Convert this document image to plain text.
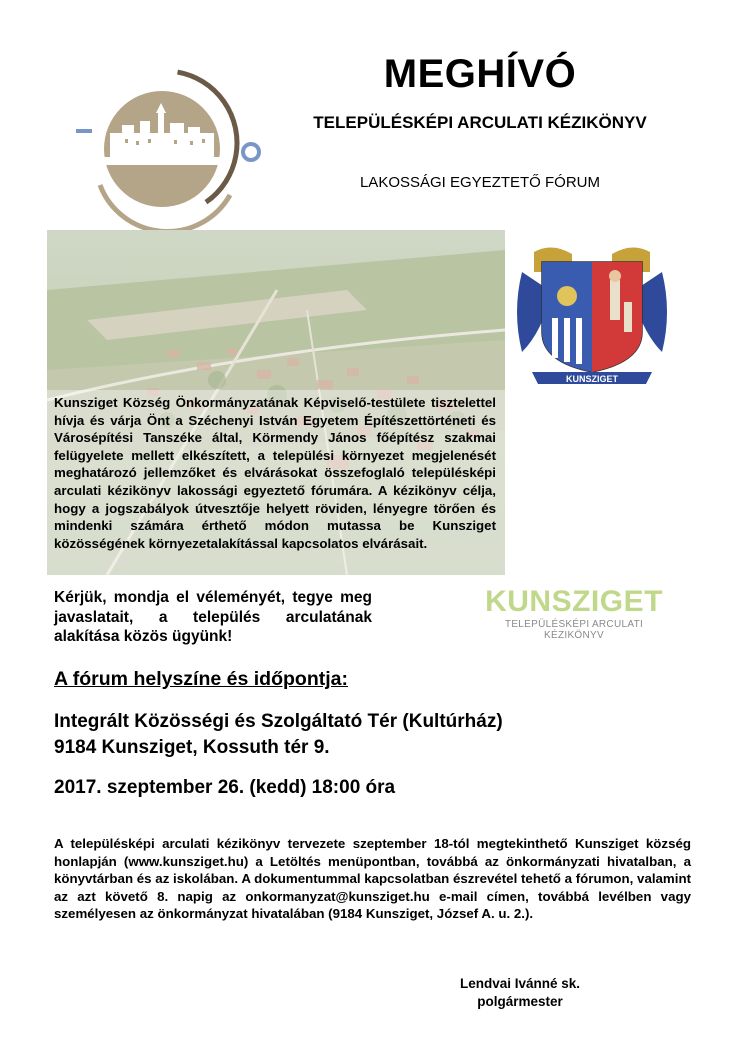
MEGHÍVÓ
TELEPÜLÉSKÉPI ARCULATI KÉZIKÖNYV
LAKOSSÁGI EGYEZTETŐ FÓRUM
Kunsziget Község Önkormányzatának Képviselő-testülete tisztelettel hívja és várja Önt a Széchenyi István Egyetem Építészettörténeti és Városépítési Tanszéke által, Körmendy János főépítész szakmai felügyelete mellett elkészített, a települési környezet megjelenését meghatározó jellemzőket és elvárásokat összefoglaló településképi arculati kézikönyv lakossági egyeztető fórumára. A kézikönyv célja, hogy a jogszabályok útvesztője helyett röviden, lényegre törően és mindenki számára érthető módon mutassa be Kunsziget közösségének környezetalakítással kapcsolatos elvárásait.
KUNSZIGET
Kérjük, mondja el véleményét, tegye meg javaslatait, a település arculatának alakítása közös ügyünk!
KUNSZIGET
TELEPÜLÉSKÉPI ARCULATI KÉZIKÖNYV
A fórum helyszíne és időpontja:
Integrált Közösségi és Szolgáltató Tér (Kultúrház)
9184 Kunsziget, Kossuth tér 9.
2017. szeptember 26. (kedd) 18:00 óra
A településképi arculati kézikönyv tervezete szeptember 18-tól megtekinthető Kunsziget község honlapján (www.kunsziget.hu) a Letöltés menüpontban, továbbá az önkormányzati hivatalban, a könyvtárban és az iskolában. A dokumentummal kapcsolatban észrevétel tehető a fórumon, valamint az azt követő 8. napig az onkormanyzat@kunsziget.hu e-mail címen, továbbá levélben vagy személyesen az önkormányzat hivatalában (9184 Kunsziget, József A. u. 2.).
Lendvai Ivánné sk.
polgármester
